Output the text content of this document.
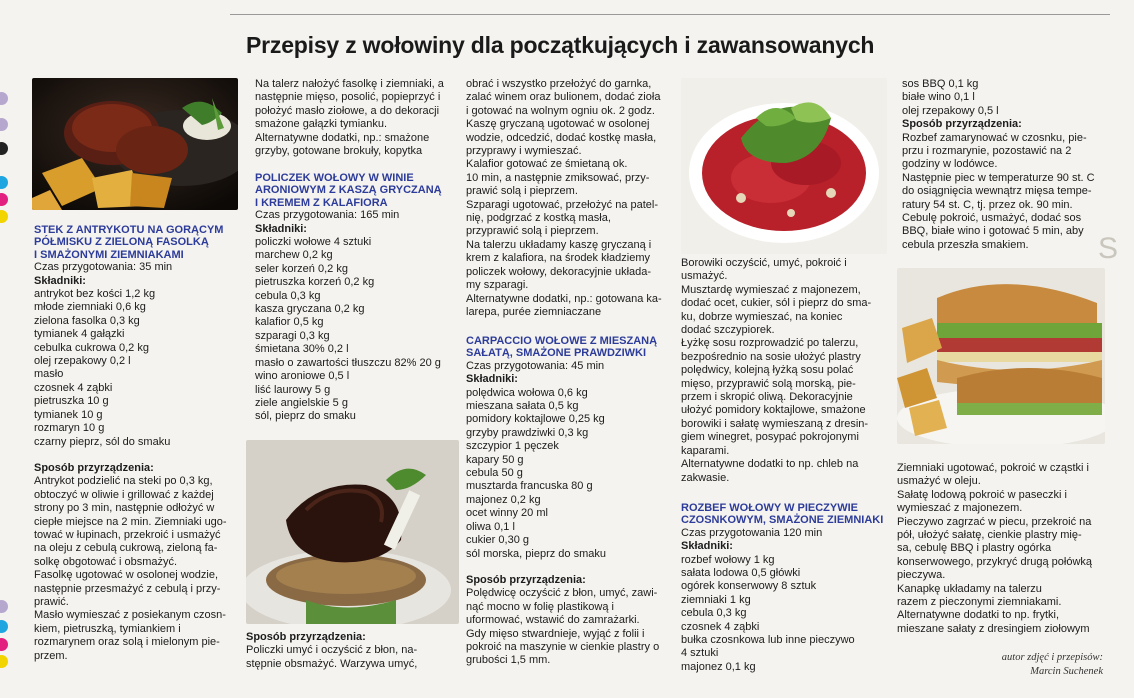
S
Przepisy z wołowiny dla początkujących i zawansowanych

STEK Z ANTRYKOTU NA GORĄCYM
PÓŁMISKU Z ZIELONĄ FASOLKĄ
I SMAŻONYMI ZIEMNIAKAMI

Czas przygotowania: 35 min

Składniki:

antrykot bez kości 1,2 kg

młode ziemniaki 0,6 kg

zielona fasolka 0,3 kg

tymianek 4 gałązki

cebulka cukrowa 0,2 kg

olej rzepakowy 0,2 l

masło

czosnek 4 ząbki

pietruszka 10 g

tymianek 10 g

rozmaryn 10 g

czarny pieprz, sól do smaku

Sposób przyrządzenia:

Antrykot podzielić na steki po 0,3 kg,

obtoczyć w oliwie i grillować z każdej

strony po 3 min, następnie odłożyć w

ciepłe miejsce na 2 min. Ziemniaki ugo-

tować w łupinach, przekroić i usmażyć

na oleju z cebulą cukrową, zieloną fa-

solkę obgotować i obsmażyć.

Fasolkę ugotować w osolonej wodzie,

następnie przesmażyć z cebulą i przy-

prawić.

Masło wymieszać z posiekanym czosn-

kiem, pietruszką, tymiankiem i

rozmarynem oraz solą i mielonym pie-

przem.

Na talerz nałożyć fasolkę i ziemniaki, a

następnie mięso, posolić, popieprzyć i

położyć masło ziołowe, a do dekoracji

smażone gałązki tymianku.

Alternatywne dodatki, np.: smażone

grzyby, gotowane brokuły, kopytka

POLICZEK WOŁOWY W WINIE
ARONIOWYM Z KASZĄ GRYCZANĄ
I KREMEM Z KALAFIORA

Czas przygotowania: 165 min

Składniki:

policzki wołowe 4 sztuki

marchew 0,2 kg

seler korzeń 0,2 kg

pietruszka korzeń 0,2 kg

cebula 0,3 kg

kasza gryczana 0,2 kg

kalafior 0,5 kg

szparagi 0,3 kg

śmietana 30% 0,2 l

masło o zawartości tłuszczu 82% 20 g

wino aroniowe 0,5 l

liść laurowy 5 g

ziele angielskie 5 g

sól, pieprz do smaku

Sposób przyrządzenia:

Policzki umyć i oczyścić z błon, na-

stępnie obsmażyć. Warzywa umyć,

obrać i wszystko przełożyć do garnka,

zalać winem oraz bulionem, dodać zioła

i gotować na wolnym ogniu ok. 2 godz.

Kaszę gryczaną ugotować w osolonej

wodzie, odcedzić, dodać kostkę masła,

przyprawy i wymieszać.

Kalafior gotować ze śmietaną ok.

10 min, a następnie zmiksować, przy-

prawić solą i pieprzem.

Szparagi ugotować, przełożyć na patel-

nię, podgrzać z kostką masła,

przyprawić solą i pieprzem.

Na talerzu układamy kaszę gryczaną i

krem z kalafiora, na środek kładziemy

policzek wołowy, dekoracyjnie układa-

my szparagi.

Alternatywne dodatki, np.: gotowana ka-

larepa, purée ziemniaczane

CARPACCIO WOŁOWE Z MIESZANĄ
SAŁATĄ, SMAŻONE PRAWDZIWKI

Czas przygotowania: 45 min

Składniki:

polędwica wołowa 0,6 kg

mieszana sałata 0,5 kg

pomidory koktajlowe 0,25 kg

grzyby prawdziwki 0,3 kg

szczypior 1 pęczek

kapary 50 g

cebula 50 g

musztarda francuska 80 g

majonez 0,2 kg

ocet winny 20 ml

oliwa 0,1 l

cukier 0,30 g

sól morska, pieprz do smaku

Sposób przyrządzenia:

Polędwicę oczyścić z błon, umyć, zawi-

nąć mocno w folię plastikową i

uformować, wstawić do zamrażarki.

Gdy mięso stwardnieje, wyjąć z folii i

pokroić na maszynie w cienkie plastry o

grubości 1,5 mm.

Borowiki oczyścić, umyć, pokroić i

usmażyć.

Musztardę wymieszać z majonezem,

dodać ocet, cukier, sól i pieprz do sma-

ku, dobrze wymieszać, na koniec

dodać szczypiorek.

Łyżkę sosu rozprowadzić po talerzu,

bezpośrednio na sosie ułożyć plastry

polędwicy, kolejną łyżką sosu polać

mięso, przyprawić solą morską, pie-

przem i skropić oliwą. Dekoracyjnie

ułożyć pomidory koktajlowe, smażone

borowiki i sałatę wymieszaną z dresin-

giem winegret, posypać pokrojonymi

kaparami.

Alternatywne dodatki to np. chleb na

zakwasie.

ROZBEF WOŁOWY W PIECZYWIE
CZOSNKOWYM, SMAŻONE ZIEMNIAKI

Czas przygotowania 120 min

Składniki:

rozbef wołowy 1 kg

sałata lodowa 0,5 główki

ogórek konserwowy 8 sztuk

ziemniaki 1 kg

cebula 0,3 kg

czosnek 4 ząbki

bułka czosnkowa lub inne pieczywo

4 sztuki

majonez 0,1 kg

sos BBQ 0,1 kg

białe wino 0,1 l

olej rzepakowy 0,5 l

Sposób przyrządzenia:

Rozbef zamarynować w czosnku, pie-

przu i rozmarynie, pozostawić na 2

godziny w lodówce.

Następnie piec w temperaturze 90 st. C

do osiągnięcia wewnątrz mięsa tempe-

ratury 54 st. C, tj. przez ok. 90 min.

Cebulę pokroić, usmażyć, dodać sos

BBQ, białe wino i gotować 5 min, aby

cebula przeszła smakiem.

Ziemniaki ugotować, pokroić w cząstki i

usmażyć w oleju.

Sałatę lodową pokroić w paseczki i

wymieszać z majonezem.

Pieczywo zagrzać w piecu, przekroić na

pół, ułożyć sałatę, cienkie plastry mię-

sa, cebulę BBQ i plastry ogórka

konserwowego, przykryć drugą połówką

pieczywa.

Kanapkę układamy na talerzu

razem z pieczonymi ziemniakami.

Alternatywne dodatki to np. frytki,

mieszane sałaty z dresingiem ziołowym

autor zdjęć i przepisów:

Marcin Suchenek
